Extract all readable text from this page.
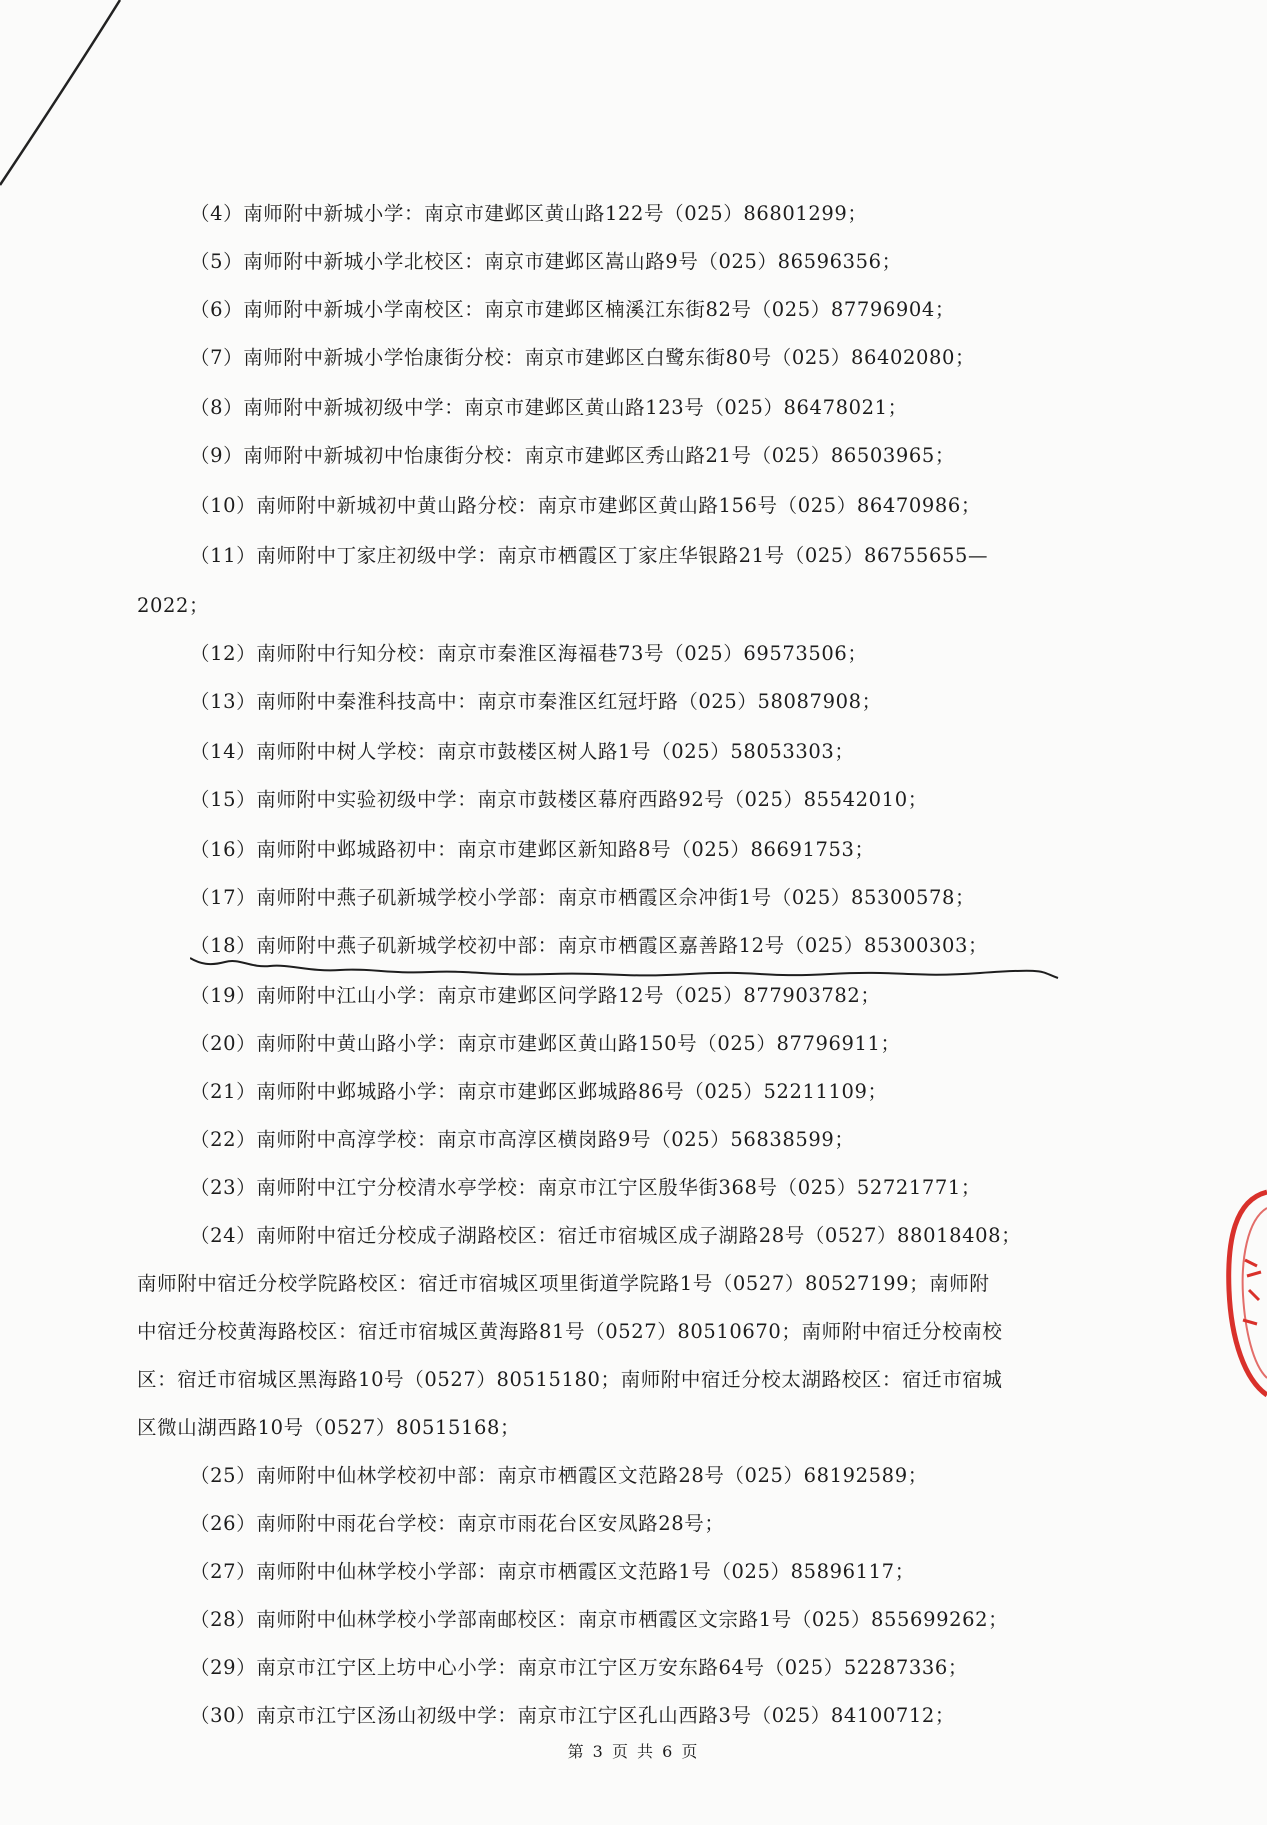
（4）南师附中新城小学：南京市建邺区黄山路122号（025）86801299；
（5）南师附中新城小学北校区：南京市建邺区嵩山路9号（025）86596356；
（6）南师附中新城小学南校区：南京市建邺区楠溪江东街82号（025）87796904；
（7）南师附中新城小学怡康街分校：南京市建邺区白鹭东街80号（025）86402080；
（8）南师附中新城初级中学：南京市建邺区黄山路123号（025）86478021；
（9）南师附中新城初中怡康街分校：南京市建邺区秀山路21号（025）86503965；
（10）南师附中新城初中黄山路分校：南京市建邺区黄山路156号（025）86470986；
（11）南师附中丁家庄初级中学：南京市栖霞区丁家庄华银路21号（025）86755655—
2022；
（12）南师附中行知分校：南京市秦淮区海福巷73号（025）69573506；
（13）南师附中秦淮科技高中：南京市秦淮区红冠圩路（025）58087908；
（14）南师附中树人学校：南京市鼓楼区树人路1号（025）58053303；
（15）南师附中实验初级中学：南京市鼓楼区幕府西路92号（025）85542010；
（16）南师附中邺城路初中：南京市建邺区新知路8号（025）86691753；
（17）南师附中燕子矶新城学校小学部：南京市栖霞区佘冲街1号（025）85300578；
（18）南师附中燕子矶新城学校初中部：南京市栖霞区嘉善路12号（025）85300303；
（19）南师附中江山小学：南京市建邺区问学路12号（025）877903782；
（20）南师附中黄山路小学：南京市建邺区黄山路150号（025）87796911；
（21）南师附中邺城路小学：南京市建邺区邺城路86号（025）52211109；
（22）南师附中高淳学校：南京市高淳区横岗路9号（025）56838599；
（23）南师附中江宁分校清水亭学校：南京市江宁区殷华街368号（025）52721771；
（24）南师附中宿迁分校成子湖路校区：宿迁市宿城区成子湖路28号（0527）88018408；
南师附中宿迁分校学院路校区：宿迁市宿城区项里街道学院路1号（0527）80527199；南师附
中宿迁分校黄海路校区：宿迁市宿城区黄海路81号（0527）80510670；南师附中宿迁分校南校
区：宿迁市宿城区黑海路10号（0527）80515180；南师附中宿迁分校太湖路校区：宿迁市宿城
区微山湖西路10号（0527）80515168；
（25）南师附中仙林学校初中部：南京市栖霞区文范路28号（025）68192589；
（26）南师附中雨花台学校：南京市雨花台区安凤路28号；
（27）南师附中仙林学校小学部：南京市栖霞区文范路1号（025）85896117；
（28）南师附中仙林学校小学部南邮校区：南京市栖霞区文宗路1号（025）855699262；
（29）南京市江宁区上坊中心小学：南京市江宁区万安东路64号（025）52287336；
（30）南京市江宁区汤山初级中学：南京市江宁区孔山西路3号（025）84100712；
第 3 页 共 6 页
